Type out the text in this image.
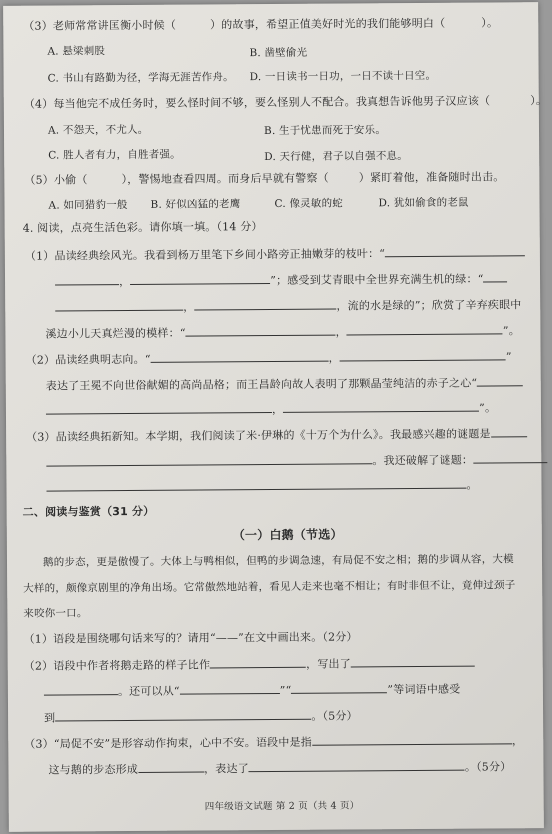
（3）老师常常讲匡衡小时候（	）的故事，希望正值美好时光的我们能够明白（	）。
A. 悬梁刺股	B. 凿壁偷光
C. 书山有路勤为径，学海无涯苦作舟。 D. 一日读书一日功，一日不读十日空。
（4）每当他完不成任务时，要么怪时间不够，要么怪别人不配合。我真想告诉他男子汉应该（	）。
A. 不怨天，不尤人。	B. 生于忧患而死于安乐。
C. 胜人者有力，自胜者强。	D. 天行健，君子以自强不息。
（5）小偷（	），警惕地查看四周。而身后早就有警察（	）紧盯着他，准备随时出击。
A. 如同猎豹一般 B. 好似凶猛的老鹰	C. 像灵敏的蛇	D. 犹如偷食的老鼠
4. 阅读，点亮生活色彩。请你填一填。（14 分）
（1）品读经典绘风光。我看到杨万里笔下乡间小路旁正抽嫩芽的枝叶：“
，	”；感受到艾青眼中全世界充满生机的绿：“
，	，流的水是绿的”；欣赏了辛弃疾眼中
溪边小儿天真烂漫的模样：“	，	”。
（2）品读经典明志向。“	，	”
表达了王冕不向世俗献媚的高尚品格；而王昌龄向故人表明了那颗晶莹纯洁的赤子之心“
，	”。
（3）品读经典拓新知。本学期，我们阅读了米·伊琳的《十万个为什么》。我最感兴趣的谜题是
。我还破解了谜题：
。
二、阅读与鉴赏（31 分）
（一）白鹅（节选）
鹅的步态，更是傲慢了。大体上与鸭相似，但鸭的步调急速，有局促不安之相；鹅的步调从容，大模
大样的，颇像京剧里的净角出场。它常傲然地站着，看见人走来也毫不相让；有时非但不让，竟伸过颈子
来咬你一口。
（1）语段是围绕哪句话来写的？请用“——”在文中画出来。（2分）
（2）语段中作者将鹅走路的样子比作	，写出了
。还可以从“	”“	”等词语中感受
到	。（5分）
（3）“局促不安”是形容动作拘束，心中不安。语段中是指	，
这与鹅的步态形成	，表达了	。（5分）
四年级语文试题 第 2 页（共 4 页）
